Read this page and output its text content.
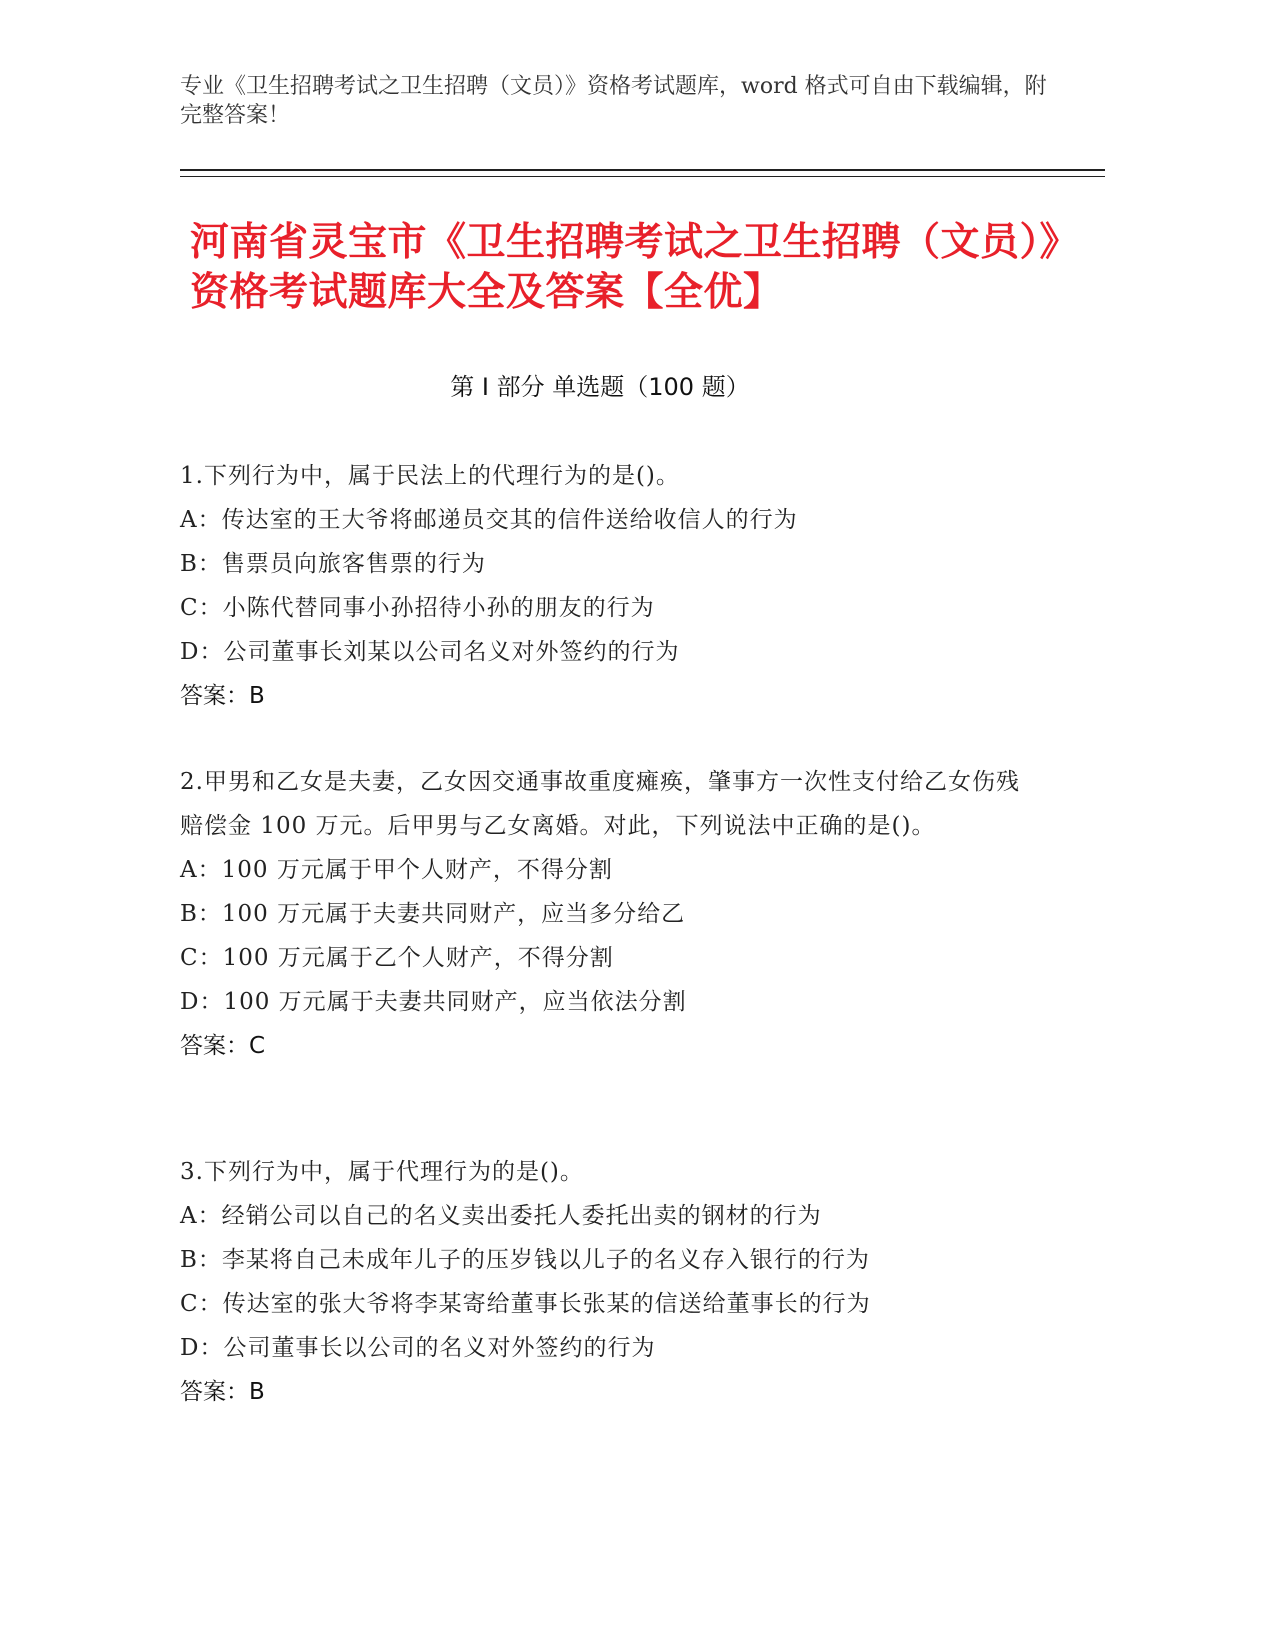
专业《卫生招聘考试之卫生招聘（文员）》资格考试题库，word 格式可自由下载编辑，附完整答案！
河南省灵宝市《卫生招聘考试之卫生招聘（文员）》资格考试题库大全及答案【全优】
第 I 部分 单选题（100 题）
1.下列行为中，属于民法上的代理行为的是()。
A：传达室的王大爷将邮递员交其的信件送给收信人的行为
B：售票员向旅客售票的行为
C：小陈代替同事小孙招待小孙的朋友的行为
D：公司董事长刘某以公司名义对外签约的行为
答案：B
2.甲男和乙女是夫妻，乙女因交通事故重度瘫痪，肇事方一次性支付给乙女伤残赔偿金 100 万元。后甲男与乙女离婚。对此，下列说法中正确的是()。
A：100 万元属于甲个人财产，不得分割
B：100 万元属于夫妻共同财产，应当多分给乙
C：100 万元属于乙个人财产，不得分割
D：100 万元属于夫妻共同财产，应当依法分割
答案：C
3.下列行为中，属于代理行为的是()。
A：经销公司以自己的名义卖出委托人委托出卖的钢材的行为
B：李某将自己未成年儿子的压岁钱以儿子的名义存入银行的行为
C：传达室的张大爷将李某寄给董事长张某的信送给董事长的行为
D：公司董事长以公司的名义对外签约的行为
答案：B
